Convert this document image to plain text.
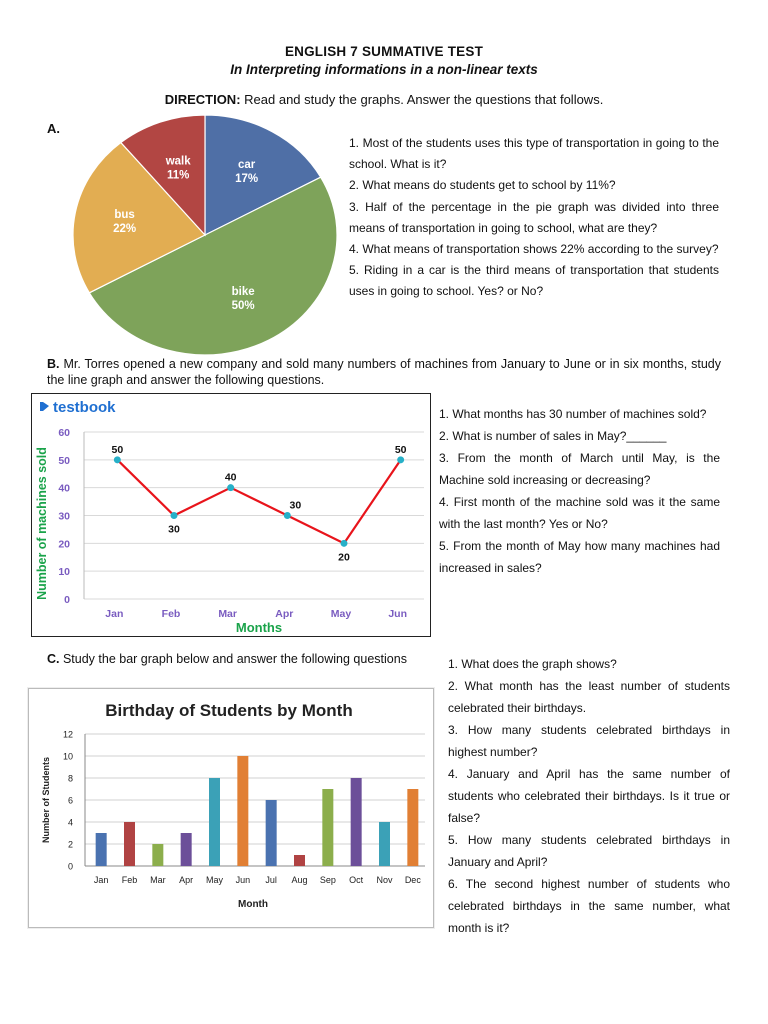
ENGLISH 7 SUMMATIVE TEST
In Interpreting informations in a non-linear texts
DIRECTION: Read and study the graphs. Answer the questions that follows.
A.
car
17%
bike
50%
bus
22%
walk
11%
1. Most of the students uses this type of transportation in going to the school. What is it?
2. What means do students get to school by 11%?
3. Half of the percentage in the pie graph was divided into three means of transportation in going to school, what are they?
4. What means of transportation shows 22% according to the survey?
5. Riding in a car is the third means of transportation that students uses in going to school. Yes? or No?
B. Mr. Torres opened a new company and sold many numbers of machines from January to June or in six months, study the line graph and answer the following questions.
testbook
0
10
20
30
40
50
60
Jan	Feb	Mar	Apr	May	Jun
50
30
40
30
20
50
Number of machines sold
Months
1. What months has 30 number of machines sold?
2. What is number of sales in May?______
3. From the month of March until May, is the Machine sold increasing or decreasing?
4. First month of the machine sold was it the same with the last month? Yes or No?
5. From the month of May how many machines had increased in sales?
C. Study the bar graph below and answer the following questions
Birthday of Students by Month
0
2
4
6
8
10
12
Jan Feb Mar Apr May Jun Jul Aug Sep Oct Nov Dec
Number of Students
Month
1. What does the graph shows?
2. What month has the least number of students celebrated their birthdays.
3. How many students celebrated birthdays in highest number?
4. January and April has the same number of students who celebrated their birthdays. Is it true or false?
5. How many students celebrated birthdays in January and April?
6. The second highest number of students who celebrated birthdays in the same number, what month is it?
